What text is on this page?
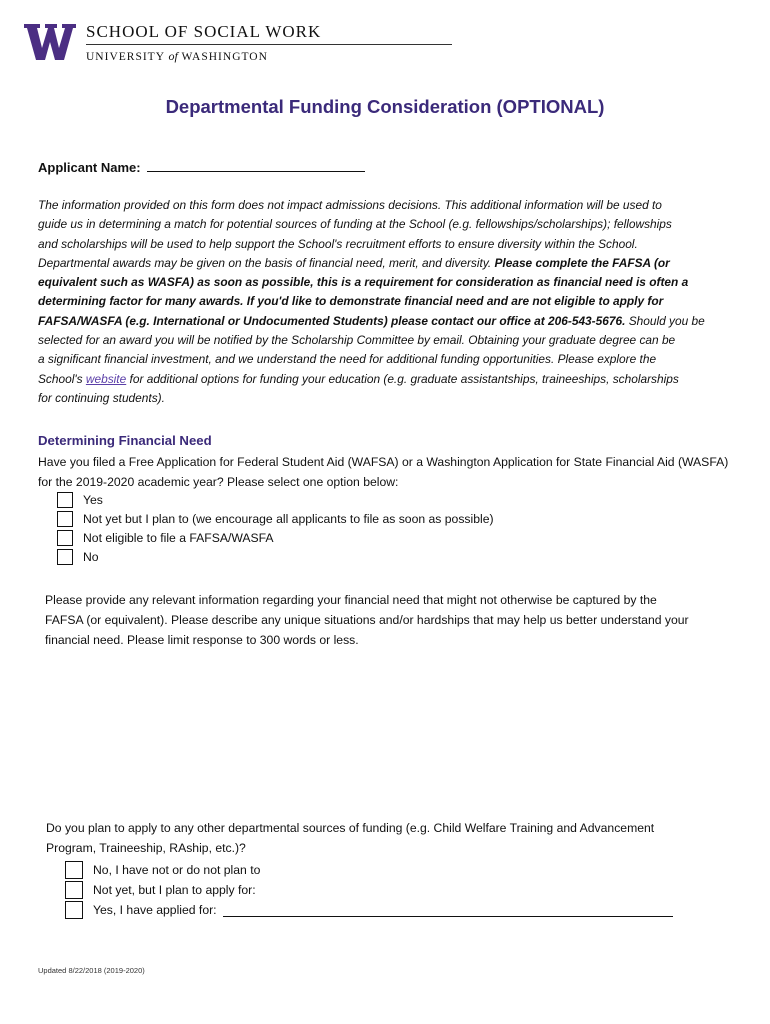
SCHOOL OF SOCIAL WORK
UNIVERSITY of WASHINGTON
Departmental Funding Consideration (OPTIONAL)
Applicant Name:
The information provided on this form does not impact admissions decisions. This additional information will be used to
guide us in determining a match for potential sources of funding at the School (e.g. fellowships/scholarships); fellowships
and scholarships will be used to help support the School's recruitment efforts to ensure diversity within the School.
Departmental awards may be given on the basis of financial need, merit, and diversity. Please complete the FAFSA (or
equivalent such as WASFA) as soon as possible, this is a requirement for consideration as financial need is often a
determining factor for many awards. If you'd like to demonstrate financial need and are not eligible to apply for
FAFSA/WASFA (e.g. International or Undocumented Students) please contact our office at 206-543-5676. Should you be
selected for an award you will be notified by the Scholarship Committee by email. Obtaining your graduate degree can be
a significant financial investment, and we understand the need for additional funding opportunities. Please explore the
School's website for additional options for funding your education (e.g. graduate assistantships, traineeships, scholarships
for continuing students).
Determining Financial Need
Have you filed a Free Application for Federal Student Aid (WAFSA) or a Washington Application for State Financial Aid (WASFA)
for the 2019-2020 academic year? Please select one option below:
Yes
Not yet but I plan to (we encourage all applicants to file as soon as possible)
Not eligible to file a FAFSA/WASFA
No
Please provide any relevant information regarding your financial need that might not otherwise be captured by the
FAFSA (or equivalent). Please describe any unique situations and/or hardships that may help us better understand your
financial need. Please limit response to 300 words or less.
Do you plan to apply to any other departmental sources of funding (e.g. Child Welfare Training and Advancement
Program, Traineeship, RAship, etc.)?
No, I have not or do not plan to
Not yet, but I plan to apply for:
Yes, I have applied for:
Updated 8/22/2018 (2019-2020)
